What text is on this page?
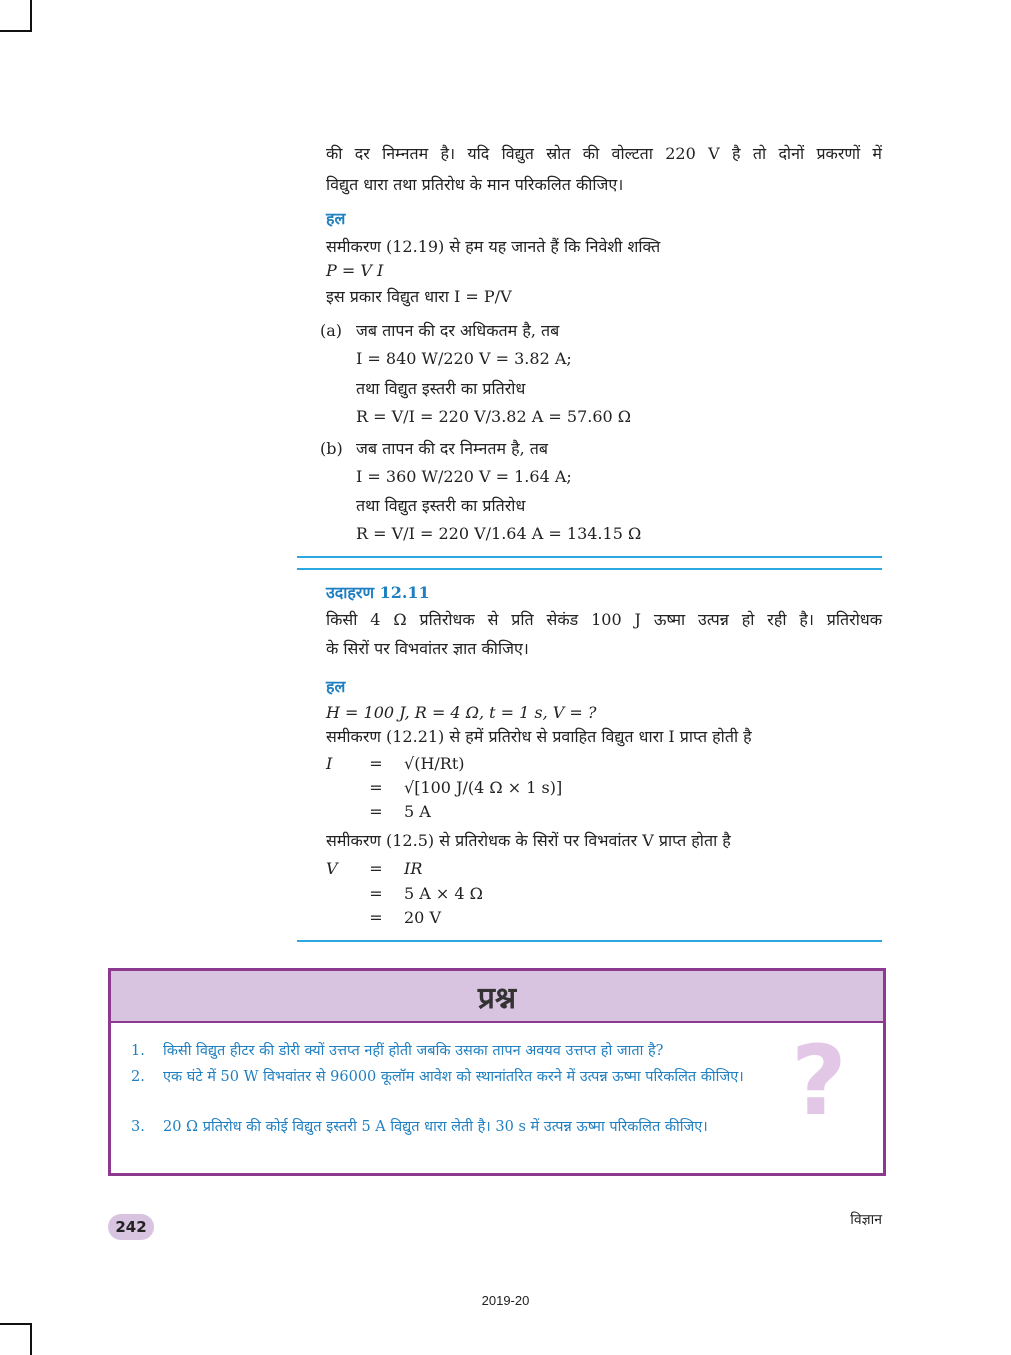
की दर निम्नतम है। यदि विद्युत स्रोत की वोल्टता 220 V है तो दोनों प्रकरणों में
विद्युत धारा तथा प्रतिरोध के मान परिकलित कीजिए।
हल
समीकरण (12.19) से हम यह जानते हैं कि निवेशी शक्ति
P = V I
इस प्रकार विद्युत धारा I = P/V
(a) जब तापन की दर अधिकतम है, तब
I = 840 W/220 V = 3.82 A;
तथा विद्युत इस्तरी का प्रतिरोध
R = V/I = 220 V/3.82 A = 57.60 Ω
(b) जब तापन की दर निम्नतम है, तब
I = 360 W/220 V = 1.64 A;
तथा विद्युत इस्तरी का प्रतिरोध
R = V/I = 220 V/1.64 A = 134.15 Ω
उदाहरण 12.11
किसी 4 Ω प्रतिरोधक से प्रति सेकंड 100 J ऊष्मा उत्पन्न हो रही है। प्रतिरोधक
के सिरों पर विभवांतर ज्ञात कीजिए।
हल
H = 100 J, R = 4 Ω, t = 1 s, V = ?
समीकरण (12.21) से हमें प्रतिरोध से प्रवाहित विद्युत धारा I प्राप्त होती है
I	= √(H/Rt)
= √[100 J/(4 Ω × 1 s)]
= 5 A
समीकरण (12.5) से प्रतिरोधक के सिरों पर विभवांतर V प्राप्त होता है
V	= IR
= 5 A × 4 Ω
= 20 V
प्रश्न
?
1.	किसी विद्युत हीटर की डोरी क्यों उत्तप्त नहीं होती जबकि उसका तापन अवयव उत्तप्त हो जाता है?
2.	एक घंटे में 50 W विभवांतर से 96000 कूलॉम आवेश को स्थानांतरित करने में उत्पन्न ऊष्मा परिकलित कीजिए।
3.	20 Ω प्रतिरोध की कोई विद्युत इस्तरी 5 A विद्युत धारा लेती है। 30 s में उत्पन्न ऊष्मा परिकलित कीजिए।
242	विज्ञान
2019-20
